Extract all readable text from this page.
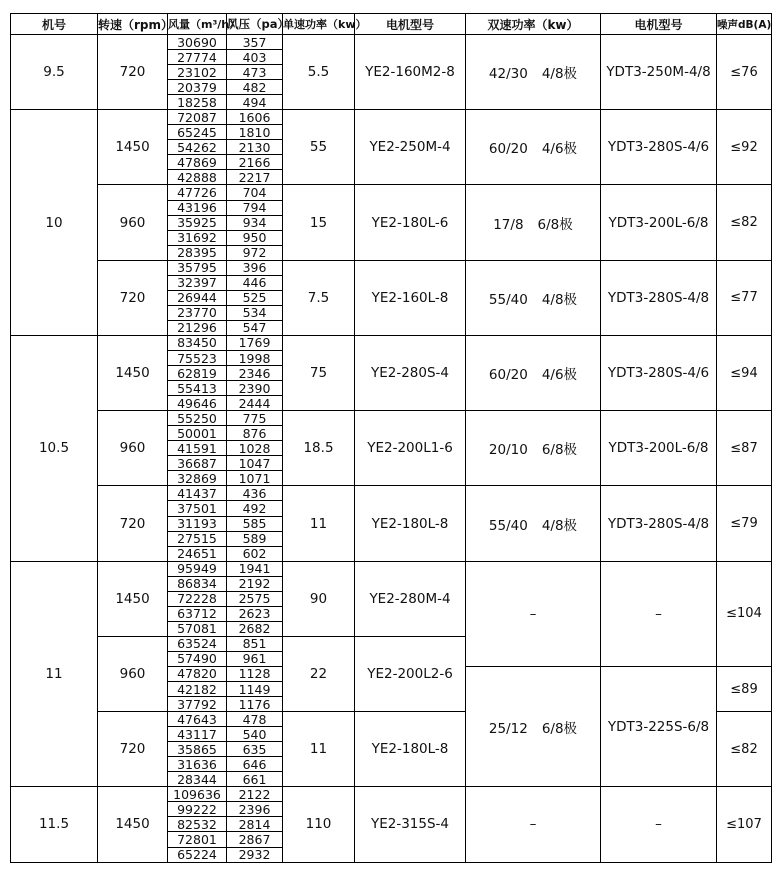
机号	转速（rpm）	风量（m³/h）	风压（pa）	单速功率（kw）	电机型号	双速功率（kw）	电机型号	噪声dB(A)
9.5	720	30690	357	5.5	YE2-160M2-8	42/30 4/8极	YDT3-250M-4/8	≤76
		27774	403					
		23102	473					
		20379	482					
		18258	494					
10	1450	72087	1606	55	YE2-250M-4	60/20 4/6极	YDT3-280S-4/6	≤92
		65245	1810					
		54262	2130					
		47869	2166					
		42888	2217					
	960	47726	704	15	YE2-180L-6	17/8 6/8极	YDT3-200L-6/8	≤82
		43196	794					
		35925	934					
		31692	950					
		28395	972					
	720	35795	396	7.5	YE2-160L-8	55/40 4/8极	YDT3-280S-4/8	≤77
		32397	446					
		26944	525					
		23770	534					
		21296	547					
10.5	1450	83450	1769	75	YE2-280S-4	60/20 4/6极	YDT3-280S-4/6	≤94
		75523	1998					
		62819	2346					
		55413	2390					
		49646	2444					
	960	55250	775	18.5	YE2-200L1-6	20/10 6/8极	YDT3-200L-6/8	≤87
		50001	876					
		41591	1028					
		36687	1047					
		32869	1071					
	720	41437	436	11	YE2-180L-8	55/40 4/8极	YDT3-280S-4/8	≤79
		37501	492					
		31193	585					
		27515	589					
		24651	602					
11	1450	95949	1941	90	YE2-280M-4	–	–	≤104
		86834	2192					
		72228	2575					
		63712	2623					
		57081	2682					
	960	63524	851	22	YE2-200L2-6			
		57490	961					
		47820	1128			25/12 6/8极	YDT3-225S-6/8	≤89
		42182	1149					
		37792	1176					
	720	47643	478	11	YE2-180L-8			≤82
		43117	540					
		35865	635					
		31636	646					
		28344	661					
11.5	1450	109636	2122	110	YE2-315S-4	–	–	≤107
		99222	2396					
		82532	2814					
		72801	2867					
		65224	2932					
